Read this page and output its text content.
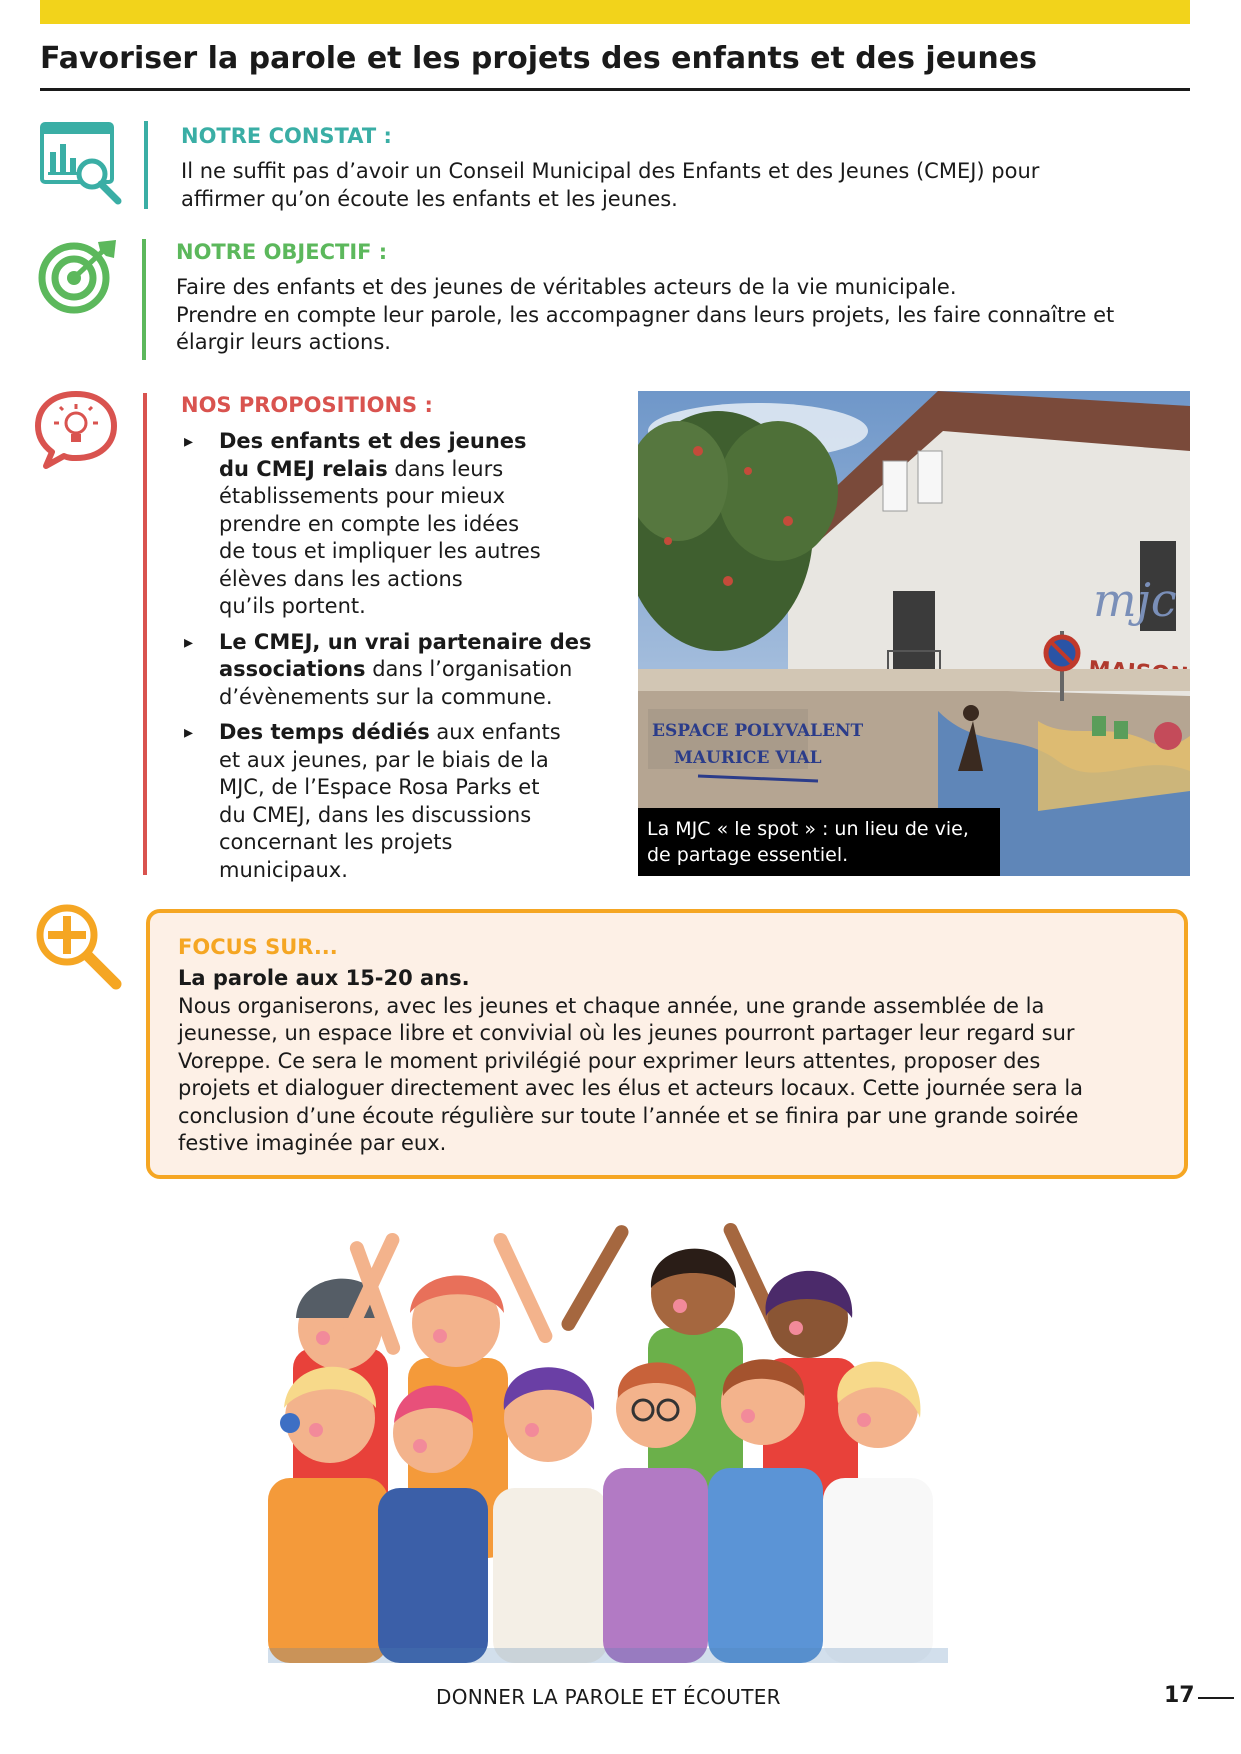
Favoriser la parole et les projets des enfants et des jeunes
NOTRE CONSTAT :

Il ne suffit pas d’avoir un Conseil Municipal des Enfants et des Jeunes (CMEJ) pour
affirmer qu’on écoute les enfants et les jeunes.

NOTRE OBJECTIF :

Faire des enfants et des jeunes de véritables acteurs de la vie municipale.
Prendre en compte leur parole, les accompagner dans leurs projets, les faire connaître et
élargir leurs actions.

NOS PROPOSITIONS :
▸ Des enfants et des jeunes
du CMEJ relais dans leurs
établissements pour mieux
prendre en compte les idées
de tous et impliquer les autres
élèves dans les actions
qu’ils portent.
▸ Le CMEJ, un vrai partenaire des
associations dans l’organisation
d’évènements sur la commune.
▸ Des temps dédiés aux enfants
et aux jeunes, par le biais de la
MJC, de l’Espace Rosa Parks et
du CMEJ, dans les discussions
concernant les projets
municipaux.
mjc
ESPACE POLYVALENT
MAURICE VIAL
La MJC « le spot » : un lieu de vie,
de partage essentiel.

FOCUS SUR...

La parole aux 15-20 ans.

Nous organiserons, avec les jeunes et chaque année, une grande assemblée de la
jeunesse, un espace libre et convivial où les jeunes pourront partager leur regard sur
Voreppe. Ce sera le moment privilégié pour exprimer leurs attentes, proposer des
projets et dialoguer directement avec les élus et acteurs locaux. Cette journée sera la
conclusion d’une écoute régulière sur toute l’année et se finira par une grande soirée
festive imaginée par eux.

DONNER LA PAROLE ET ÉCOUTER	17
